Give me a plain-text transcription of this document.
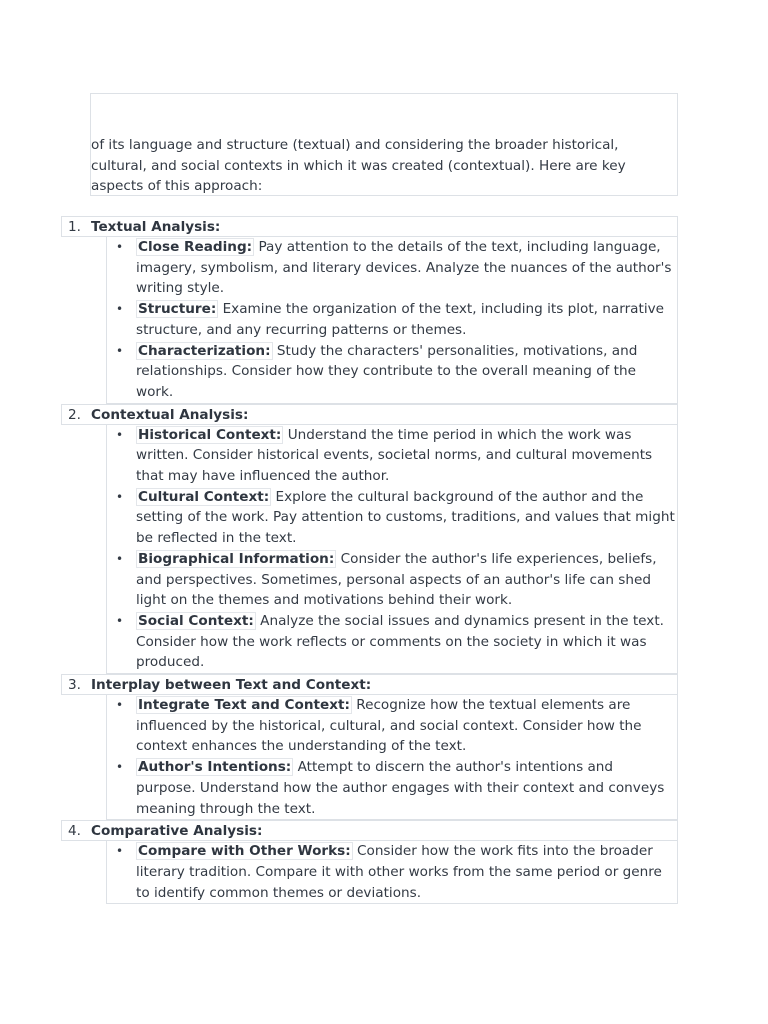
of its language and structure (textual) and considering the broader historical, cultural, and social contexts in which it was created (contextual). Here are key aspects of this approach:

1. Textual Analysis:
• Close Reading: Pay attention to the details of the text, including language, imagery, symbolism, and literary devices. Analyze the nuances of the author's writing style.
• Structure: Examine the organization of the text, including its plot, narrative structure, and any recurring patterns or themes.
• Characterization: Study the characters' personalities, motivations, and relationships. Consider how they contribute to the overall meaning of the work.
2. Contextual Analysis:
• Historical Context: Understand the time period in which the work was written. Consider historical events, societal norms, and cultural movements that may have influenced the author.
• Cultural Context: Explore the cultural background of the author and the setting of the work. Pay attention to customs, traditions, and values that might be reflected in the text.
• Biographical Information: Consider the author's life experiences, beliefs, and perspectives. Sometimes, personal aspects of an author's life can shed light on the themes and motivations behind their work.
• Social Context: Analyze the social issues and dynamics present in the text. Consider how the work reflects or comments on the society in which it was produced.
3. Interplay between Text and Context:
• Integrate Text and Context: Recognize how the textual elements are influenced by the historical, cultural, and social context. Consider how the context enhances the understanding of the text.
• Author's Intentions: Attempt to discern the author's intentions and purpose. Understand how the author engages with their context and conveys meaning through the text.
4. Comparative Analysis:
• Compare with Other Works: Consider how the work fits into the broader literary tradition. Compare it with other works from the same period or genre to identify common themes or deviations.
